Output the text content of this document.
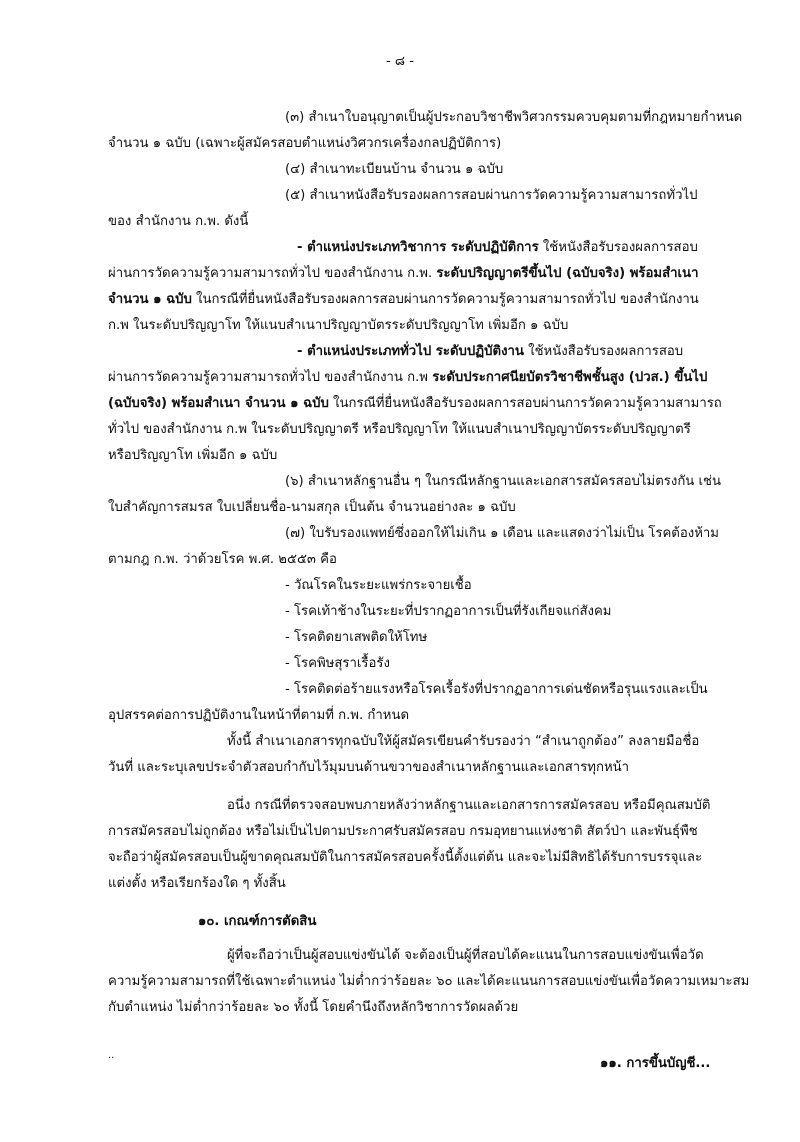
- ๘ -
(๓) สำเนาใบอนุญาตเป็นผู้ประกอบวิชาชีพวิศวกรรมควบคุมตามที่กฎหมายกำหนด
จำนวน ๑ ฉบับ (เฉพาะผู้สมัครสอบตำแหน่งวิศวกรเครื่องกลปฏิบัติการ)
(๔) สำเนาทะเบียนบ้าน จำนวน ๑ ฉบับ
(๕) สำเนาหนังสือรับรองผลการสอบผ่านการวัดความรู้ความสามารถทั่วไป
ของ สำนักงาน ก.พ. ดังนี้
- ตำแหน่งประเภทวิชาการ ระดับปฏิบัติการ ใช้หนังสือรับรองผลการสอบ
ผ่านการวัดความรู้ความสามารถทั่วไป ของสำนักงาน ก.พ. ระดับปริญญาตรีขึ้นไป (ฉบับจริง) พร้อมสำเนา
จำนวน ๑ ฉบับ ในกรณีที่ยื่นหนังสือรับรองผลการสอบผ่านการวัดความรู้ความสามารถทั่วไป ของสำนักงาน
ก.พ ในระดับปริญญาโท ให้แนบสำเนาปริญญาบัตรระดับปริญญาโท เพิ่มอีก ๑ ฉบับ
- ตำแหน่งประเภททั่วไป ระดับปฏิบัติงาน ใช้หนังสือรับรองผลการสอบ
ผ่านการวัดความรู้ความสามารถทั่วไป ของสำนักงาน ก.พ ระดับประกาศนียบัตรวิชาชีพชั้นสูง (ปวส.) ขึ้นไป
(ฉบับจริง) พร้อมสำเนา จำนวน ๑ ฉบับ ในกรณีที่ยื่นหนังสือรับรองผลการสอบผ่านการวัดความรู้ความสามารถ
ทั่วไป ของสำนักงาน ก.พ ในระดับปริญญาตรี หรือปริญญาโท ให้แนบสำเนาปริญญาบัตรระดับปริญญาตรี
หรือปริญญาโท เพิ่มอีก ๑ ฉบับ
(๖) สำเนาหลักฐานอื่น ๆ ในกรณีหลักฐานและเอกสารสมัครสอบไม่ตรงกัน เช่น
ใบสำคัญการสมรส ใบเปลี่ยนชื่อ-นามสกุล เป็นต้น จำนวนอย่างละ ๑ ฉบับ
(๗) ใบรับรองแพทย์ซึ่งออกให้ไม่เกิน ๑ เดือน และแสดงว่าไม่เป็น โรคต้องห้าม
ตามกฎ ก.พ. ว่าด้วยโรค พ.ศ. ๒๕๕๓ คือ
- วัณโรคในระยะแพร่กระจายเชื้อ
- โรคเท้าช้างในระยะที่ปรากฏอาการเป็นที่รังเกียจแก่สังคม
- โรคติดยาเสพติดให้โทษ
- โรคพิษสุราเรื้อรัง
- โรคติดต่อร้ายแรงหรือโรคเรื้อรังที่ปรากฏอาการเด่นชัดหรือรุนแรงและเป็น
อุปสรรคต่อการปฏิบัติงานในหน้าที่ตามที่ ก.พ. กำหนด
ทั้งนี้ สำเนาเอกสารทุกฉบับให้ผู้สมัครเขียนคำรับรองว่า “สำเนาถูกต้อง” ลงลายมือชื่อ
วันที่ และระบุเลขประจำตัวสอบกำกับไว้มุมบนด้านขวาของสำเนาหลักฐานและเอกสารทุกหน้า
อนึ่ง กรณีที่ตรวจสอบพบภายหลังว่าหลักฐานและเอกสารการสมัครสอบ หรือมีคุณสมบัติ
การสมัครสอบไม่ถูกต้อง หรือไม่เป็นไปตามประกาศรับสมัครสอบ กรมอุทยานแห่งชาติ สัตว์ป่า และพันธุ์พืช
จะถือว่าผู้สมัครสอบเป็นผู้ขาดคุณสมบัติในการสมัครสอบครั้งนี้ตั้งแต่ต้น และจะไม่มีสิทธิได้รับการบรรจุและ
แต่งตั้ง หรือเรียกร้องใด ๆ ทั้งสิ้น
๑๐. เกณฑ์การตัดสิน
ผู้ที่จะถือว่าเป็นผู้สอบแข่งขันได้ จะต้องเป็นผู้ที่สอบได้คะแนนในการสอบแข่งขันเพื่อวัด
ความรู้ความสามารถที่ใช้เฉพาะตำแหน่ง ไม่ต่ำกว่าร้อยละ ๖๐ และได้คะแนนการสอบแข่งขันเพื่อวัดความเหมาะสม
กับตำแหน่ง ไม่ต่ำกว่าร้อยละ ๖๐ ทั้งนี้ โดยคำนึงถึงหลักวิชาการวัดผลด้วย
..
๑๑. การขึ้นบัญชี...
